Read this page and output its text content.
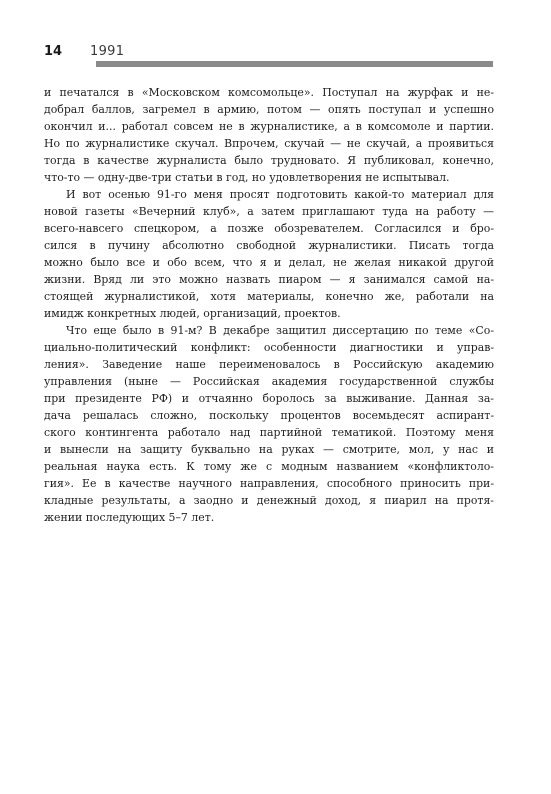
14 1991
и печатался в «Московском комсомольце». Поступал на журфак и не-
добрал баллов, загремел в армию, потом — опять поступал и успешно
окончил и... работал совсем не в журналистике, а в комсомоле и партии.
Но по журналистике скучал. Впрочем, скучай — не скучай, а проявиться
тогда в качестве журналиста было трудновато. Я публиковал, конечно,
что-то — одну-две-три статьи в год, но удовлетворения не испытывал.
И вот осенью 91-го меня просят подготовить какой-то материал для
новой газеты «Вечерний клуб», а затем приглашают туда на работу —
всего-навсего спецкором, а позже обозревателем. Согласился и бро-
сился в пучину абсолютно свободной журналистики. Писать тогда
можно было все и обо всем, что я и делал, не желая никакой другой
жизни. Вряд ли это можно назвать пиаром — я занимался самой на-
стоящей журналистикой, хотя материалы, конечно же, работали на
имидж конкретных людей, организаций, проектов.
Что еще было в 91-м? В декабре защитил диссертацию по теме «Со-
циально-политический конфликт: особенности диагностики и управ-
ления». Заведение наше переименовалось в Российскую академию
управления (ныне — Российская академия государственной службы
при президенте РФ) и отчаянно боролось за выживание. Данная за-
дача решалась сложно, поскольку процентов восемьдесят аспирант-
ского контингента работало над партийной тематикой. Поэтому меня
и вынесли на защиту буквально на руках — смотрите, мол, у нас и
реальная наука есть. К тому же с модным названием «конфликтоло-
гия». Ее в качестве научного направления, способного приносить при-
кладные результаты, а заодно и денежный доход, я пиарил на протя-
жении последующих 5–7 лет.
